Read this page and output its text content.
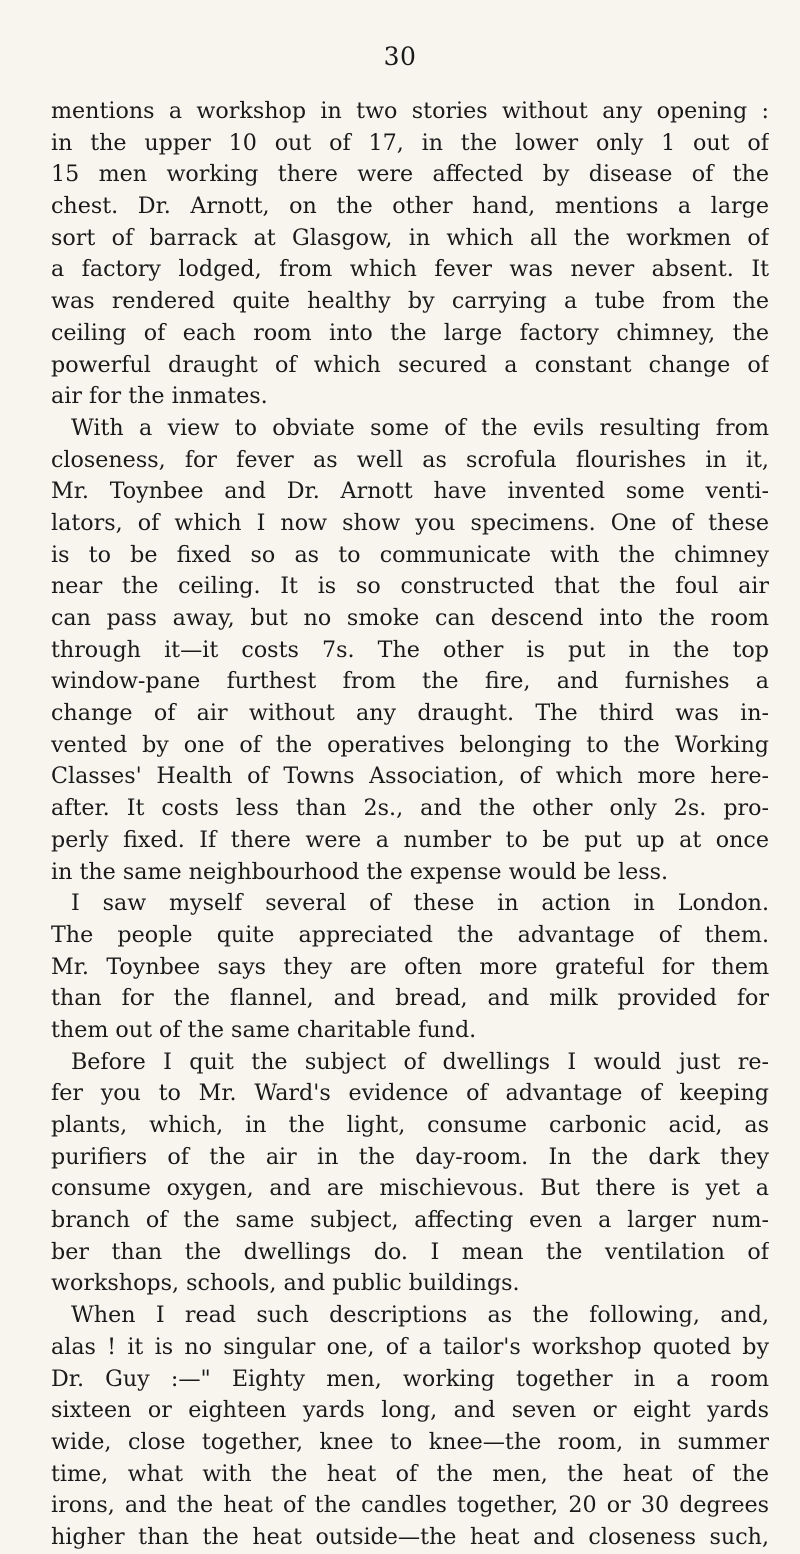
30
mentions a workshop in two stories without any opening :
in the upper 10 out of 17, in the lower only 1 out of
15 men working there were affected by disease of the
chest. Dr. Arnott, on the other hand, mentions a large
sort of barrack at Glasgow, in which all the workmen of
a factory lodged, from which fever was never absent. It
was rendered quite healthy by carrying a tube from the
ceiling of each room into the large factory chimney, the
powerful draught of which secured a constant change of
air for the inmates.
With a view to obviate some of the evils resulting from
closeness, for fever as well as scrofula flourishes in it,
Mr. Toynbee and Dr. Arnott have invented some venti-
lators, of which I now show you specimens. One of these
is to be fixed so as to communicate with the chimney
near the ceiling. It is so constructed that the foul air
can pass away, but no smoke can descend into the room
through it—it costs 7s. The other is put in the top
window-pane furthest from the fire, and furnishes a
change of air without any draught. The third was in-
vented by one of the operatives belonging to the Working
Classes' Health of Towns Association, of which more here-
after. It costs less than 2s., and the other only 2s. pro-
perly fixed. If there were a number to be put up at once
in the same neighbourhood the expense would be less.
I saw myself several of these in action in London.
The people quite appreciated the advantage of them.
Mr. Toynbee says they are often more grateful for them
than for the flannel, and bread, and milk provided for
them out of the same charitable fund.
Before I quit the subject of dwellings I would just re-
fer you to Mr. Ward's evidence of advantage of keeping
plants, which, in the light, consume carbonic acid, as
purifiers of the air in the day-room. In the dark they
consume oxygen, and are mischievous. But there is yet a
branch of the same subject, affecting even a larger num-
ber than the dwellings do. I mean the ventilation of
workshops, schools, and public buildings.
When I read such descriptions as the following, and,
alas ! it is no singular one, of a tailor's workshop quoted by
Dr. Guy :—" Eighty men, working together in a room
sixteen or eighteen yards long, and seven or eight yards
wide, close together, knee to knee—the room, in summer
time, what with the heat of the men, the heat of the
irons, and the heat of the candles together, 20 or 30 degrees
higher than the heat outside—the heat and closeness such,
